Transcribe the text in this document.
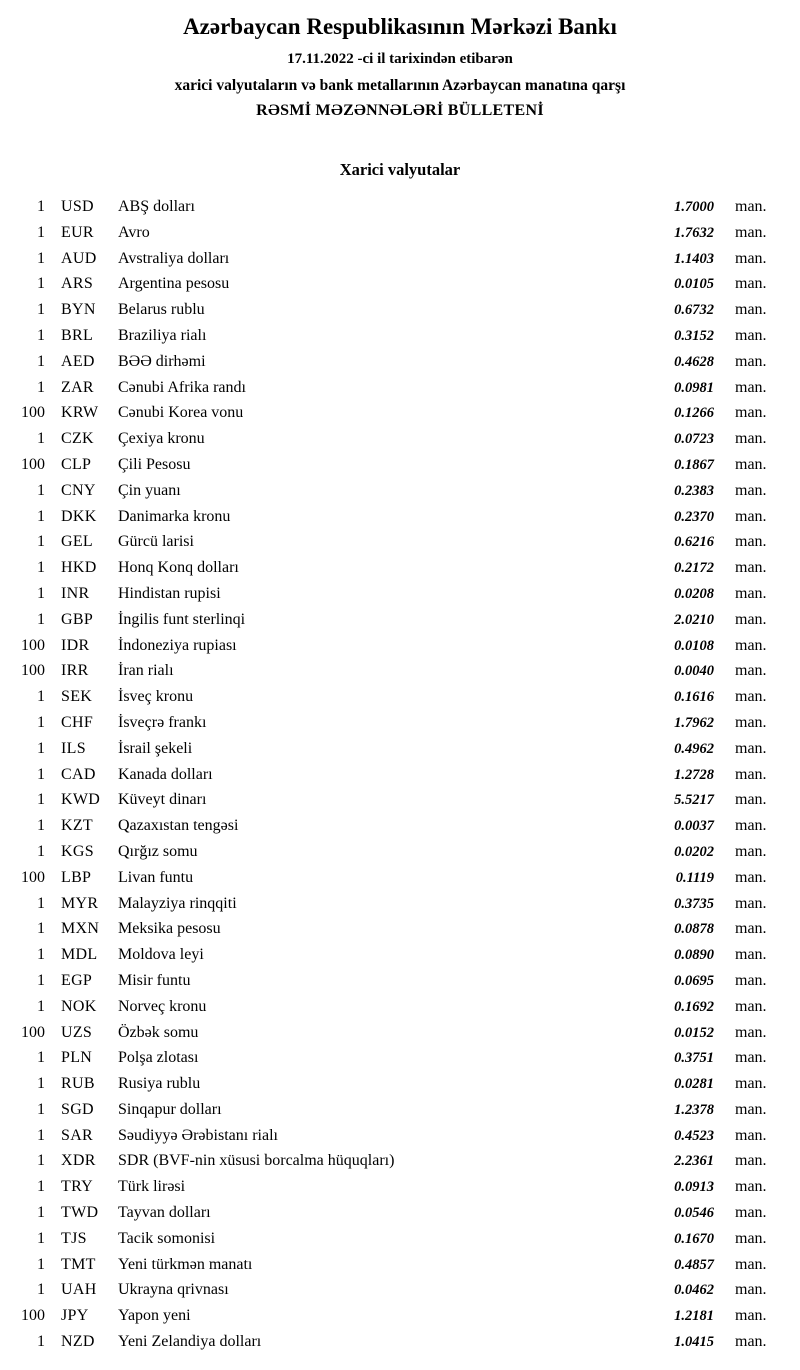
Azərbaycan Respublikasının Mərkəzi Bankı
17.11.2022 -ci il tarixindən etibarən
xarici valyutaların və bank metallarının Azərbaycan manatına qarşı
RƏSMİ MƏZƏNNƏLƏRİ BÜLLETENİ
Xarici valyutalar
1 USD	ABŞ dolları	1.7000 man.
1 EUR	Avro	1.7632 man.
1 AUD	Avstraliya dolları	1.1403 man.
1 ARS	Argentina pesosu	0.0105 man.
1 BYN	Belarus rublu	0.6732 man.
1 BRL	Braziliya rialı	0.3152 man.
1 AED	BƏƏ dirhəmi	0.4628 man.
1 ZAR	Cənubi Afrika randı	0.0981 man.
100 KRW	Cənubi Korea vonu	0.1266 man.
1 CZK	Çexiya kronu	0.0723 man.
100 CLP	Çili Pesosu	0.1867 man.
1 CNY	Çin yuanı	0.2383 man.
1 DKK	Danimarka kronu	0.2370 man.
1 GEL	Gürcü larisi	0.6216 man.
1 HKD	Honq Konq dolları	0.2172 man.
1 INR	Hindistan rupisi	0.0208 man.
1 GBP	İngilis funt sterlinqi	2.0210 man.
100 IDR	İndoneziya rupiası	0.0108 man.
100 IRR	İran rialı	0.0040 man.
1 SEK	İsveç kronu	0.1616 man.
1 CHF	İsveçrə frankı	1.7962 man.
1 ILS	İsrail şekeli	0.4962 man.
1 CAD	Kanada dolları	1.2728 man.
1 KWD	Küveyt dinarı	5.5217 man.
1 KZT	Qazaxıstan tengəsi	0.0037 man.
1 KGS	Qırğız somu	0.0202 man.
100 LBP	Livan funtu	0.1119 man.
1 MYR	Malayziya rinqqiti	0.3735 man.
1 MXN	Meksika pesosu	0.0878 man.
1 MDL	Moldova leyi	0.0890 man.
1 EGP	Misir funtu	0.0695 man.
1 NOK	Norveç kronu	0.1692 man.
100 UZS	Özbək somu	0.0152 man.
1 PLN	Polşa zlotası	0.3751 man.
1 RUB	Rusiya rublu	0.0281 man.
1 SGD	Sinqapur dolları	1.2378 man.
1 SAR	Səudiyyə Ərəbistanı rialı	0.4523 man.
1 XDR	SDR (BVF-nin xüsusi borcalma hüquqları)	2.2361 man.
1 TRY	Türk lirəsi	0.0913 man.
1 TWD	Tayvan dolları	0.0546 man.
1 TJS	Tacik somonisi	0.1670 man.
1 TMT	Yeni türkmən manatı	0.4857 man.
1 UAH	Ukrayna qrivnası	0.0462 man.
100 JPY	Yapon yeni	1.2181 man.
1 NZD	Yeni Zelandiya dolları	1.0415 man.
